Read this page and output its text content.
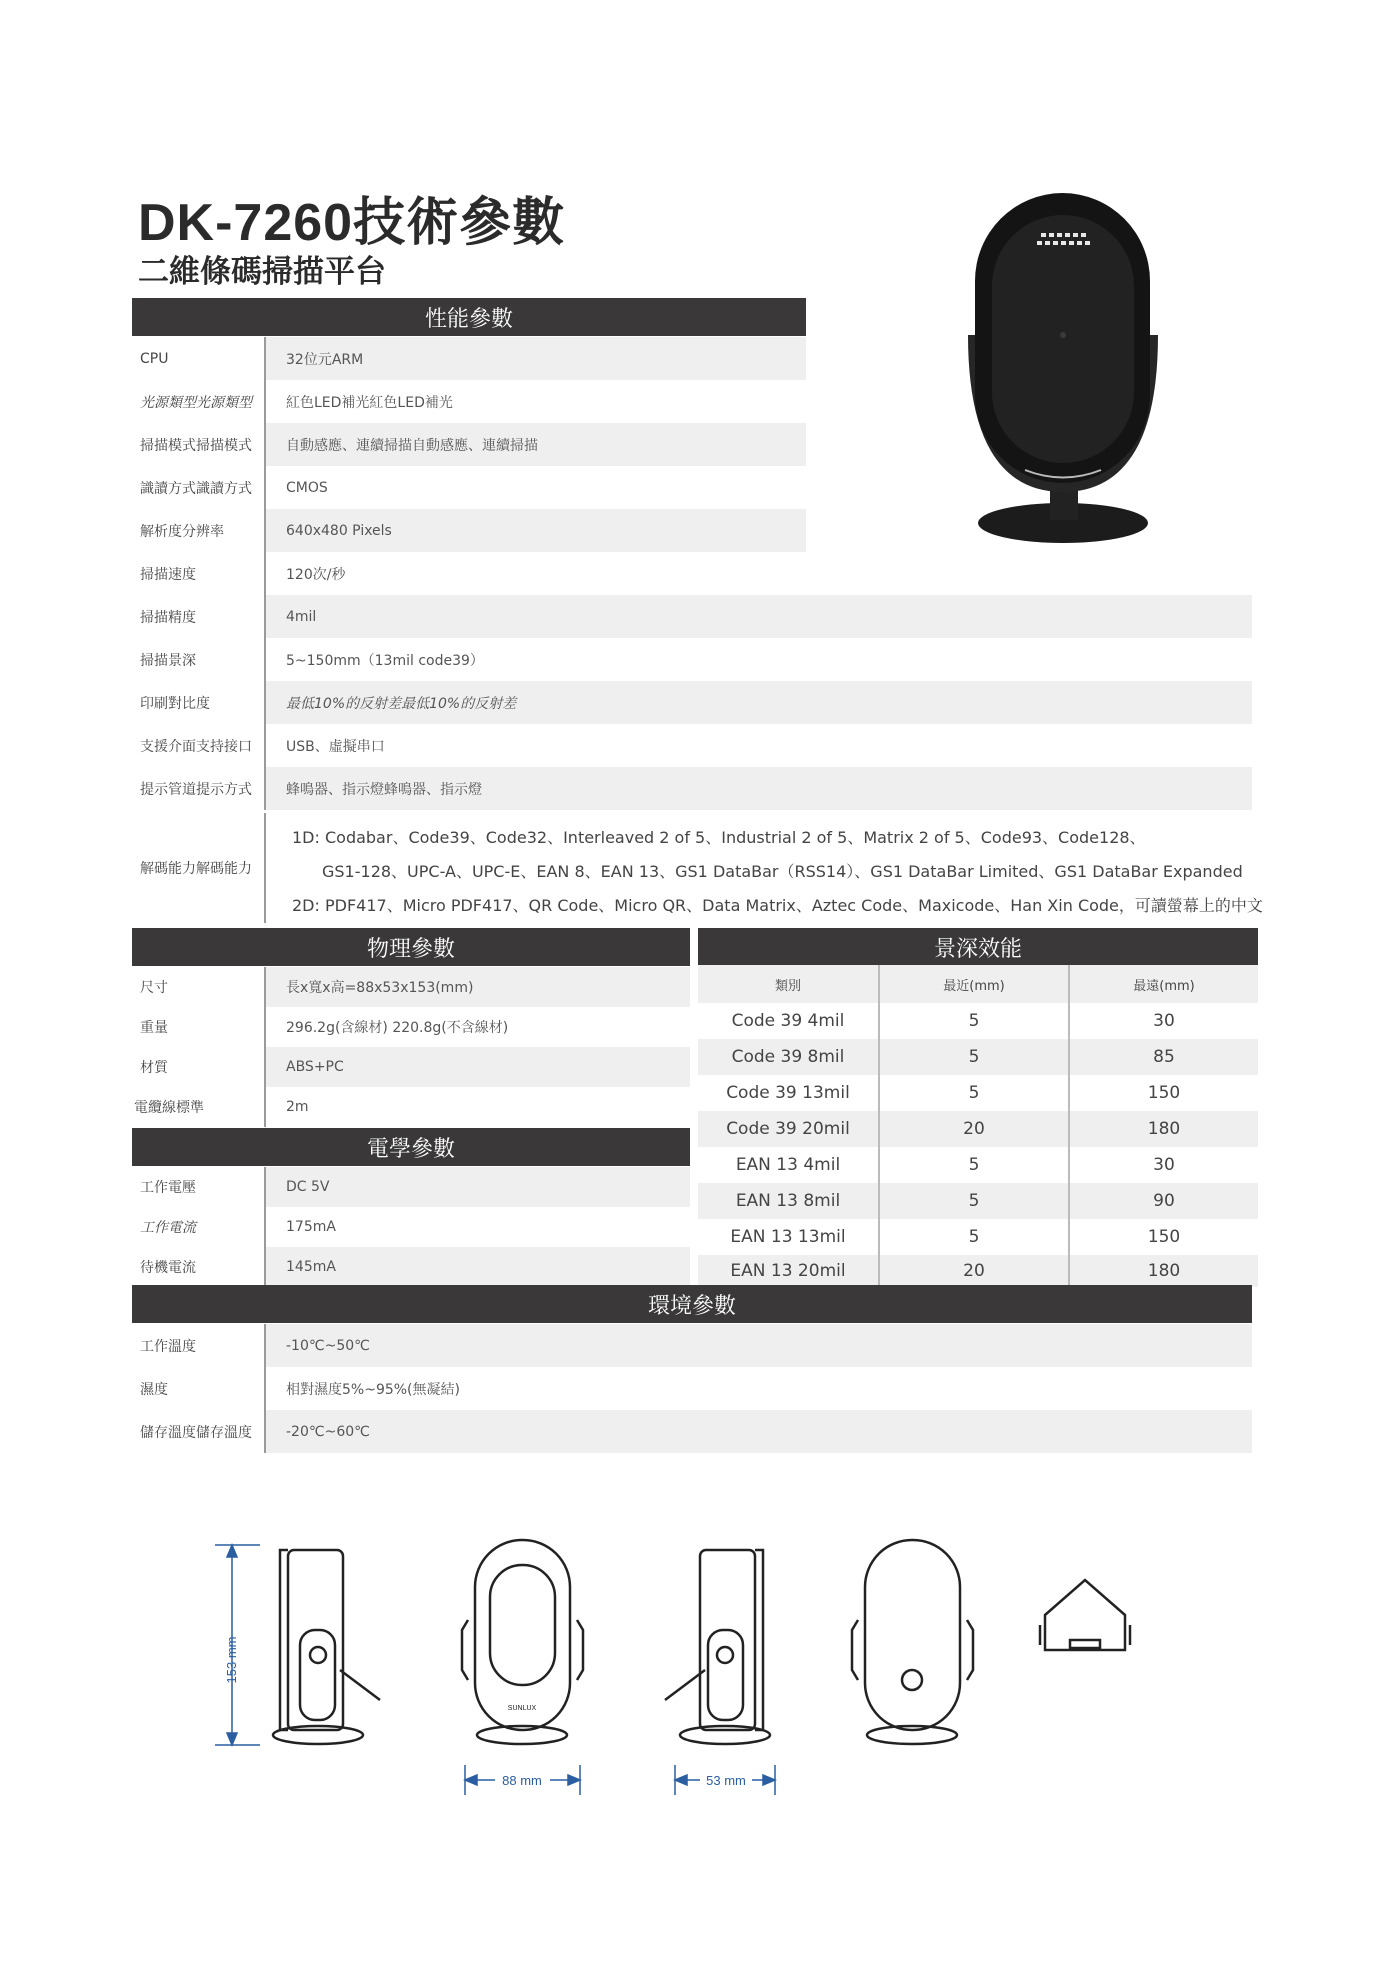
DK-7260技術參數
二維條碼掃描平台
性能參數
CPU	32位元ARM
光源類型光源類型	紅色LED補光紅色LED補光
掃描模式掃描模式	自動感應、連續掃描自動感應、連續掃描
識讀方式識讀方式	CMOS
解析度分辨率	640x480 Pixels
掃描速度	120次/秒
掃描精度	4mil
掃描景深	5~150mm（13mil code39）
印刷對比度	最低10%的反射差最低10%的反射差
支援介面支持接口	USB、虛擬串口
提示管道提示方式	蜂鳴器、指示燈蜂鳴器、指示燈
解碼能力解碼能力
1D: Codabar、Code39、Code32、Interleaved 2 of 5、Industrial 2 of 5、Matrix 2 of 5、Code93、Code128、
GS1-128、UPC-A、UPC-E、EAN 8、EAN 13、GS1 DataBar（RSS14）、GS1 DataBar Limited、GS1 DataBar Expanded
2D: PDF417、Micro PDF417、QR Code、Micro QR、Data Matrix、Aztec Code、Maxicode、Han Xin Code，可讀螢幕上的中文
物理參數
尺寸	長x寬x高=88x53x153(mm)
重量	296.2g(含線材) 220.8g(不含線材)
材質	ABS+PC
電纜線標準	2m
電學參數
工作電壓	DC 5V
工作電流	175mA
待機電流	145mA
景深效能
類別	最近(mm)	最遠(mm)
Code 39 4mil	5	30
Code 39 8mil	5	85
Code 39 13mil	5	150
Code 39 20mil	20	180
EAN 13 4mil	5	30
EAN 13 8mil	5	90
EAN 13 13mil	5	150
EAN 13 20mil	20	180
環境參數
工作溫度	-10℃~50℃
濕度	相對濕度5%~95%(無凝結)
儲存溫度儲存溫度	-20℃~60℃
153 mm
88 mm	53 mm
SUNLUX
